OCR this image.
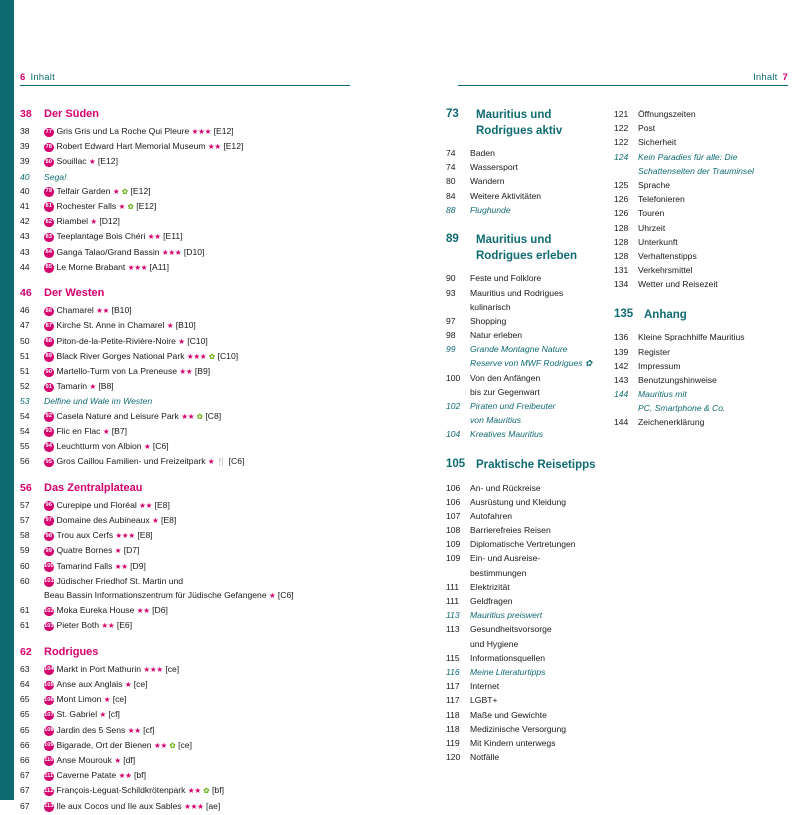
6 Inhalt	Inhalt 7
38	Der Süden
38	77 Gris Gris und La Roche Qui Pleure ★★★ [E12]
39	78 Robert Edward Hart Memorial Museum ★★ [E12]
39	80 Souillac ★ [E12]
40	Sega!
40	79 Telfair Garden ★ ✿ [E12]
41	81 Rochester Falls ★ ✿ [E12]
42	82 Riambel ★ [D12]
43	83 Teeplantage Bois Chéri ★★ [E11]
43	84 Ganga Talao/Grand Bassin ★★★ [D10]
44	85 Le Morne Brabant ★★★ [A11]
46	Der Westen
46	86 Chamarel ★★ [B10]
47	87 Kirche St. Anne in Chamarel ★ [B10]
50	88 Piton-de-la-Petite-Rivière-Noire ★ [C10]
51	89 Black River Gorges National Park ★★★ ✿ [C10]
51	90 Martello-Turm von La Preneuse ★★ [B9]
52	91 Tamarin ★ [B8]
53	Delfine und Wale im Westen
54	92 Casela Nature and Leisure Park ★★ ✿ [C8]
54	93 Flic en Flac ★ [B7]
55	94 Leuchtturm von Albion ★ [C6]
56	95 Gros Caillou Familien- und Freizeitpark ★ 🍴 [C6]
56	Das Zentralplateau
57	96 Curepipe und Floréal ★★ [E8]
57	97 Domaine des Aubineaux ★ [E8]
58	98 Trou aux Cerfs ★★★ [E8]
59	99 Quatre Bornes ★ [D7]
60	100 Tamarind Falls ★★ [D9]
60	101 Jüdischer Friedhof St. Martin und
Beau Bassin Informationszentrum für Jüdische Gefangene ★ [C6]
61	102 Moka Eureka House ★★ [D6]
61	103 Pieter Both ★★ [E6]
62	Rodrigues
63	104 Markt in Port Mathurin ★★★ [ce]
64	105 Anse aux Anglais ★ [ce]
65	106 Mont Limon ★ [ce]
65	107 St. Gabriel ★ [cf]
65	108 Jardin des 5 Sens ★★ [cf]
66	109 Bigarade, Ort der Bienen ★★ ✿ [ce]
66	110 Anse Mourouk ★ [df]
67	111 Caverne Patate ★★ [bf]
67	112 François-Leguat-Schildkrötenpark ★★ ✿ [bf]
67	113 Ile aux Cocos und Ile aux Sables ★★★ [ae]
73	Mauritius und
Rodrigues aktiv
74	Baden
74	Wassersport
80	Wandern
84	Weitere Aktivitäten
88	Flughunde
89	Mauritius und
Rodrigues erleben
90	Feste und Folklore
93	Mauritius und Rodrigues
kulinarisch
97	Shopping
98	Natur erleben
99	Grande Montagne Nature
Reserve von MWF Rodrigues ✿
100	Von den Anfängen
bis zur Gegenwart
102	Piraten und Freibeuter
von Mauritius
104	Kreatives Mauritius
105 Praktische Reisetipps
106	An- und Rückreise
106	Ausrüstung und Kleidung
107	Autofahren
108	Barrierefreies Reisen
109	Diplomatische Vertretungen
109	Ein- und Ausreise-
bestimmungen
111	Elektrizität
111	Geldfragen
113	Mauritius preiswert
113	Gesundheitsvorsorge
und Hygiene
115	Informationsquellen
116	Meine Literaturtipps
117	Internet
117	LGBT+
118	Maße und Gewichte
118	Medizinische Versorgung
119	Mit Kindern unterwegs
120	Notfälle
121	Öffnungszeiten
122	Post
122	Sicherheit
124	Kein Paradies für alle: Die
Schattenseiten der Trauminsel
125	Sprache
126	Telefonieren
126	Touren
128	Uhrzeit
128	Unterkunft
128	Verhaltenstipps
131	Verkehrsmittel
134	Wetter und Reisezeit
135 Anhang
136	Kleine Sprachhilfe Mauritius
139	Register
142	Impressum
143	Benutzungshinweise
144	Mauritius mit
PC, Smartphone & Co.
144	Zeichenerklärung
